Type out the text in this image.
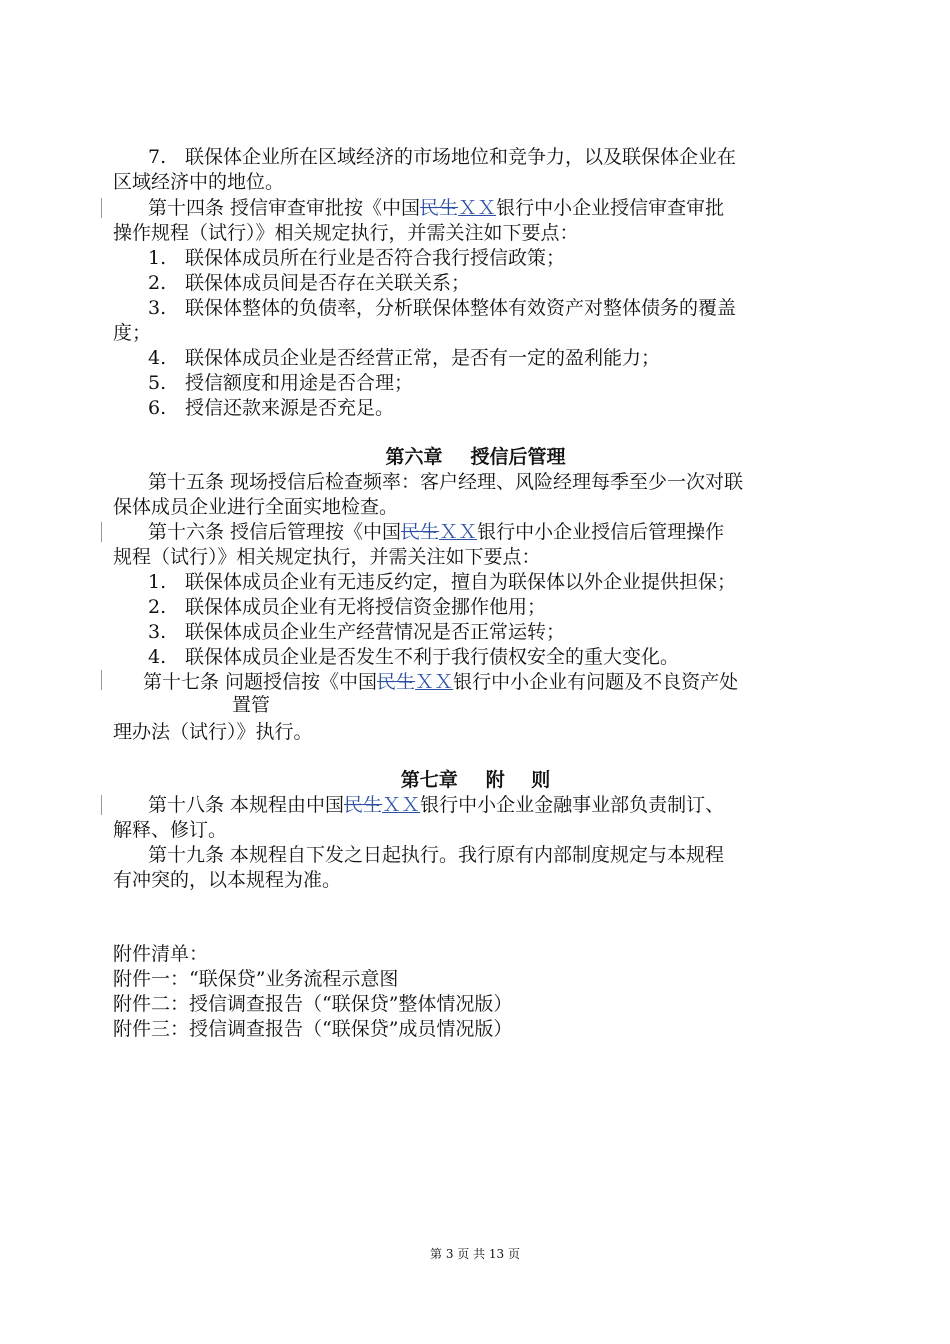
7. 联保体企业所在区域经济的市场地位和竞争力，以及联保体企业在
区域经济中的地位。
第十四条 授信审查审批按《中国民生ＸＸ银行中小企业授信审查审批
操作规程（试行）》相关规定执行，并需关注如下要点：
1. 联保体成员所在行业是否符合我行授信政策；
2. 联保体成员间是否存在关联关系；
3. 联保体整体的负债率，分析联保体整体有效资产对整体债务的覆盖
度；
4. 联保体成员企业是否经营正常，是否有一定的盈利能力；
5. 授信额度和用途是否合理；
6. 授信还款来源是否充足。
第六章 授信后管理
第十五条 现场授信后检查频率：客户经理、风险经理每季至少一次对联
保体成员企业进行全面实地检查。
第十六条 授信后管理按《中国民生ＸＸ银行中小企业授信后管理操作
规程（试行）》相关规定执行，并需关注如下要点：
1. 联保体成员企业有无违反约定，擅自为联保体以外企业提供担保；
2. 联保体成员企业有无将授信资金挪作他用；
3. 联保体成员企业生产经营情况是否正常运转；
4. 联保体成员企业是否发生不利于我行债权安全的重大变化。
第十七条 问题授信按《中国民生ＸＸ银行中小企业有问题及不良资产处
置管
理办法（试行）》执行。
第七章 附    则
第十八条 本规程由中国民生ＸＸ银行中小企业金融事业部负责制订、
解释、修订。
第十九条 本规程自下发之日起执行。我行原有内部制度规定与本规程
有冲突的，以本规程为准。
附件清单：
附件一：“联保贷”业务流程示意图
附件二：授信调查报告（“联保贷”整体情况版）
附件三：授信调查报告（“联保贷”成员情况版）
第 3 页 共 13 页
